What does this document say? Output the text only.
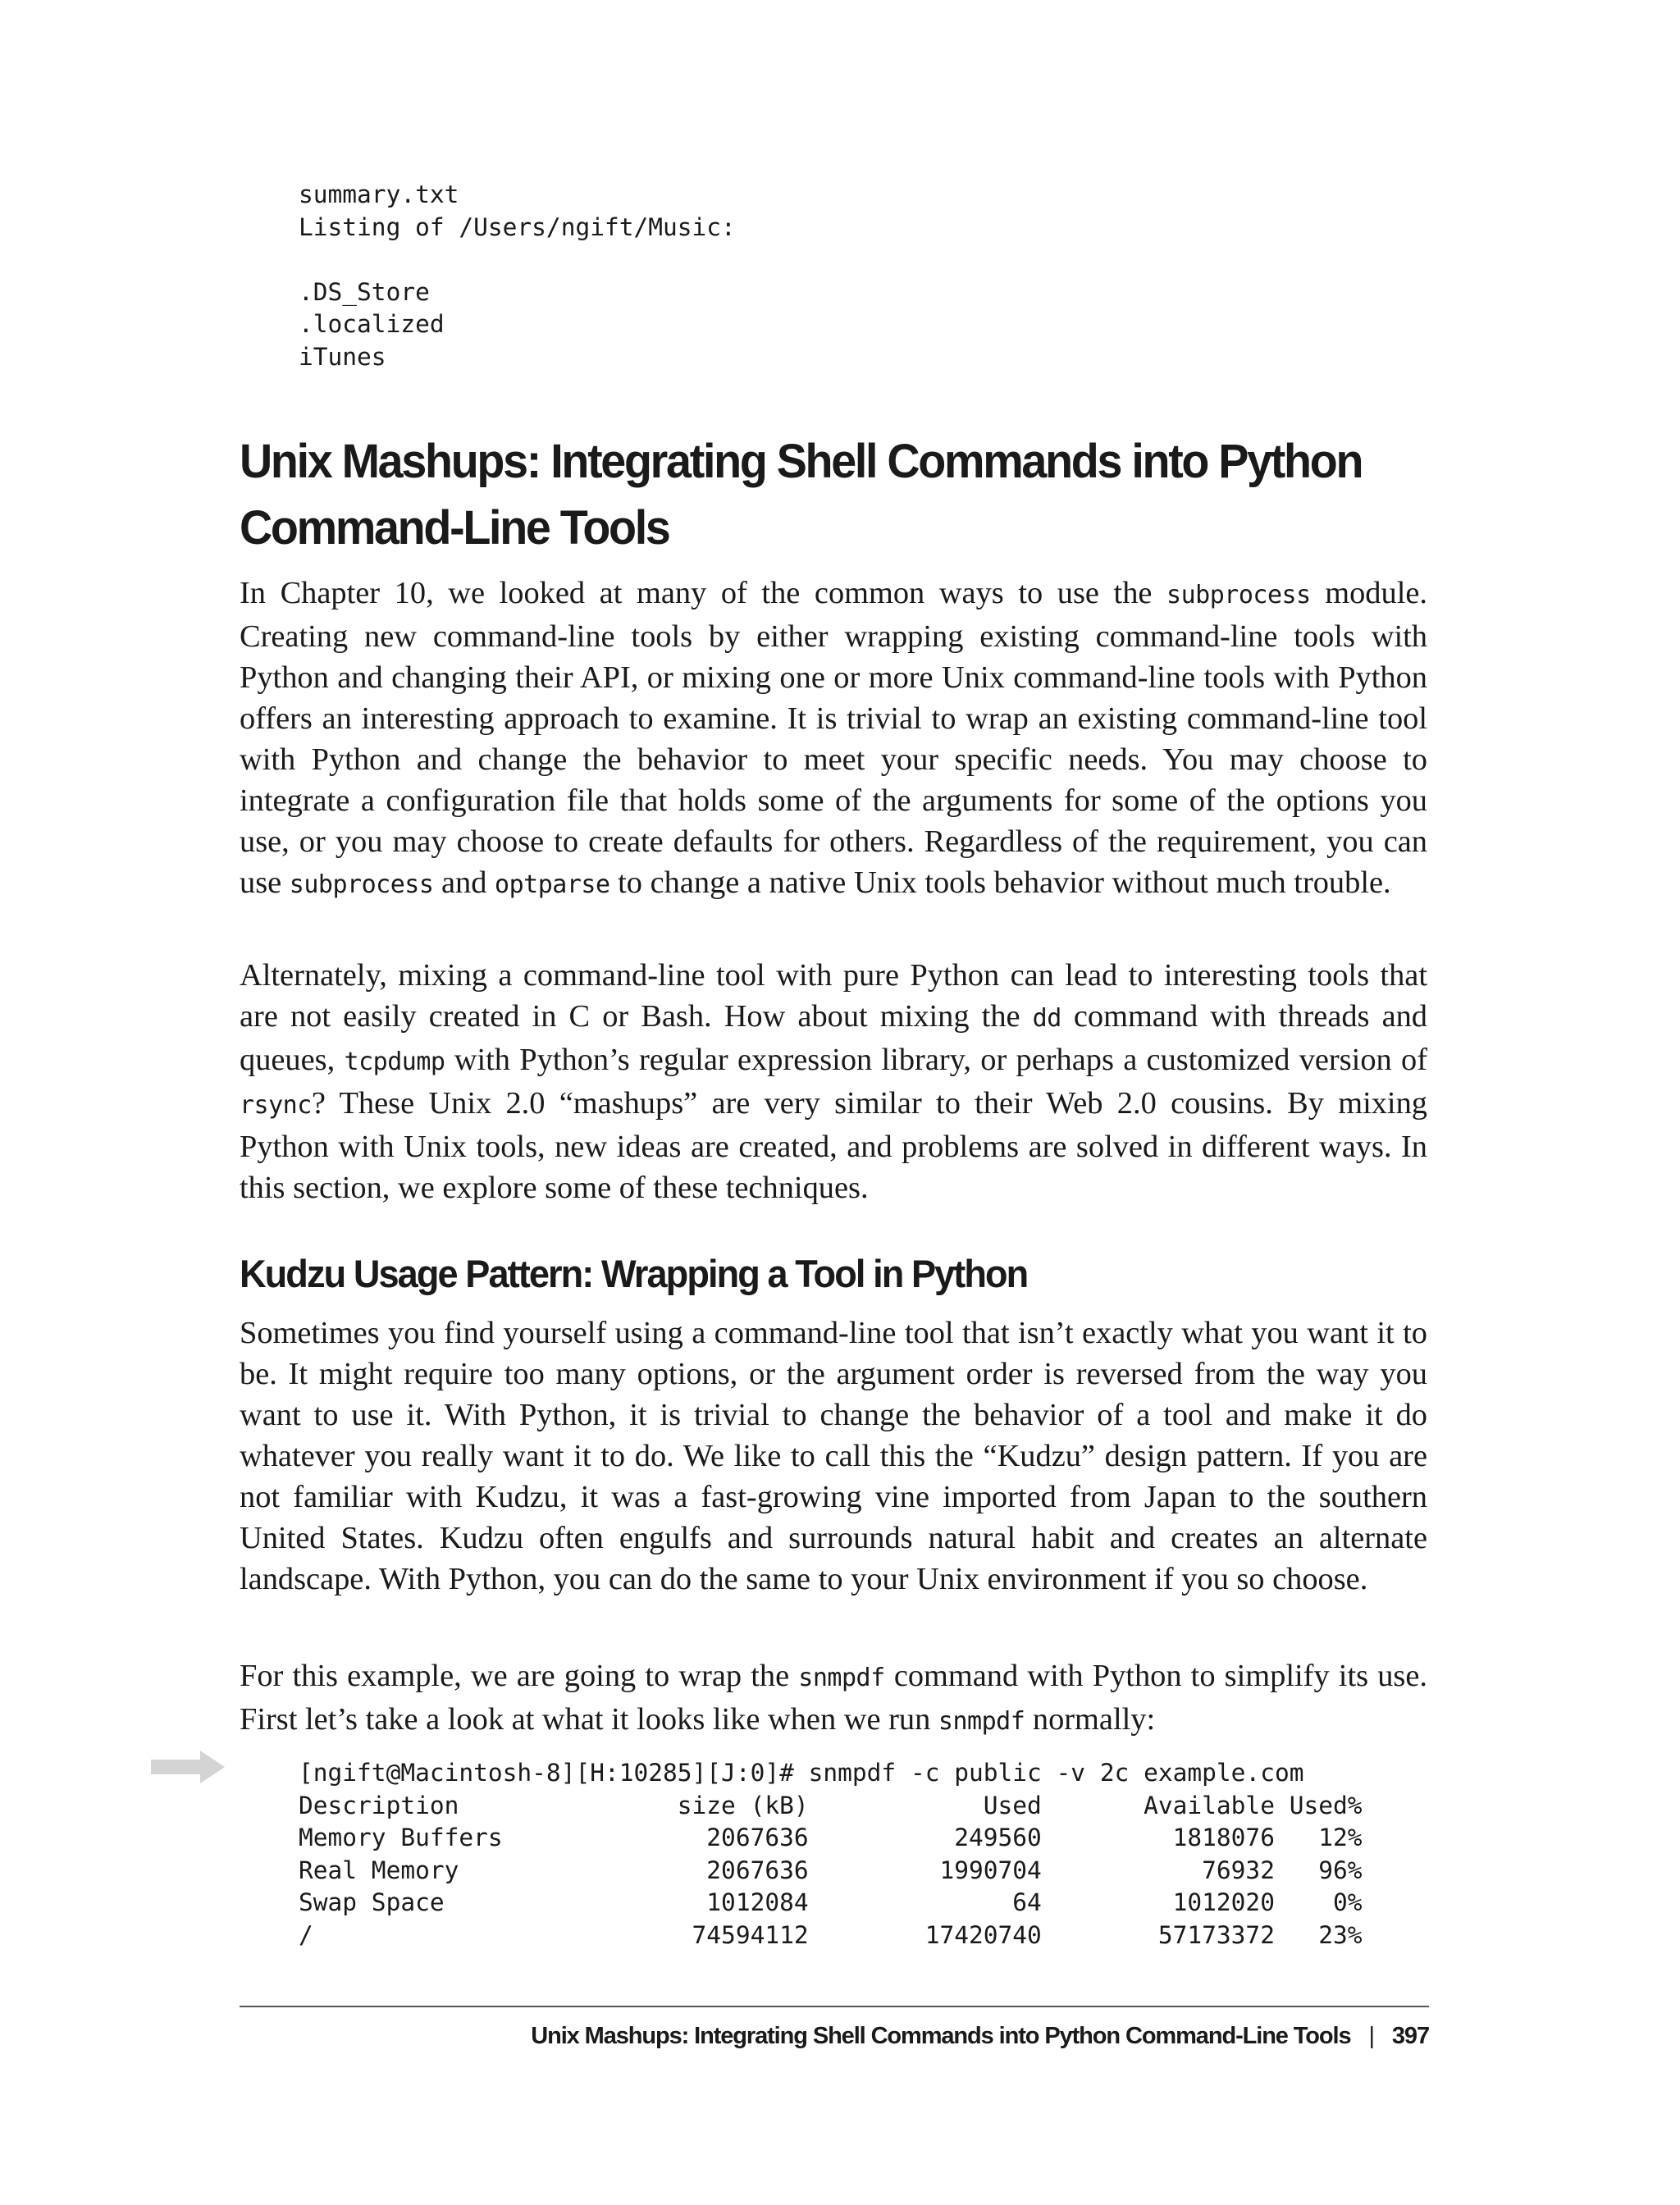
summary.txt
Listing of /Users/ngift/Music:

.DS_Store
.localized
iTunes
Unix Mashups: Integrating Shell Commands into Python Command-Line Tools

In Chapter 10, we looked at many of the common ways to use the subprocess module. Creating new command-line tools by either wrapping existing command-line tools with Python and changing their API, or mixing one or more Unix command-line tools with Python offers an interesting approach to examine. It is trivial to wrap an existing command-line tool with Python and change the behavior to meet your specific needs. You may choose to integrate a configuration file that holds some of the arguments for some of the options you use, or you may choose to create defaults for others. Regardless of the requirement, you can use subprocess and optparse to change a native Unix tools behavior without much trouble.

Alternately, mixing a command-line tool with pure Python can lead to interesting tools that are not easily created in C or Bash. How about mixing the dd command with threads and queues, tcpdump with Python’s regular expression library, or perhaps a customized version of rsync? These Unix 2.0 “mashups” are very similar to their Web 2.0 cousins. By mixing Python with Unix tools, new ideas are created, and problems are solved in different ways. In this section, we explore some of these techniques.

Kudzu Usage Pattern: Wrapping a Tool in Python

Sometimes you find yourself using a command-line tool that isn’t exactly what you want it to be. It might require too many options, or the argument order is reversed from the way you want to use it. With Python, it is trivial to change the behavior of a tool and make it do whatever you really want it to do. We like to call this the “Kudzu” design pattern. If you are not familiar with Kudzu, it was a fast-growing vine imported from Japan to the southern United States. Kudzu often engulfs and surrounds natural habit and creates an alternate landscape. With Python, you can do the same to your Unix environment if you so choose.

For this example, we are going to wrap the snmpdf command with Python to simplify its use. First let’s take a look at what it looks like when we run snmpdf normally:

[ngift@Macintosh-8][H:10285][J:0]# snmpdf -c public -v 2c example.com
Description               size (kB)            Used       Available Used%
Memory Buffers              2067636          249560         1818076   12%
Real Memory                 2067636         1990704           76932   96%
Swap Space                  1012084              64         1012020    0%
/                          74594112        17420740        57173372   23%
Unix Mashups: Integrating Shell Commands into Python Command-Line Tools | 397
